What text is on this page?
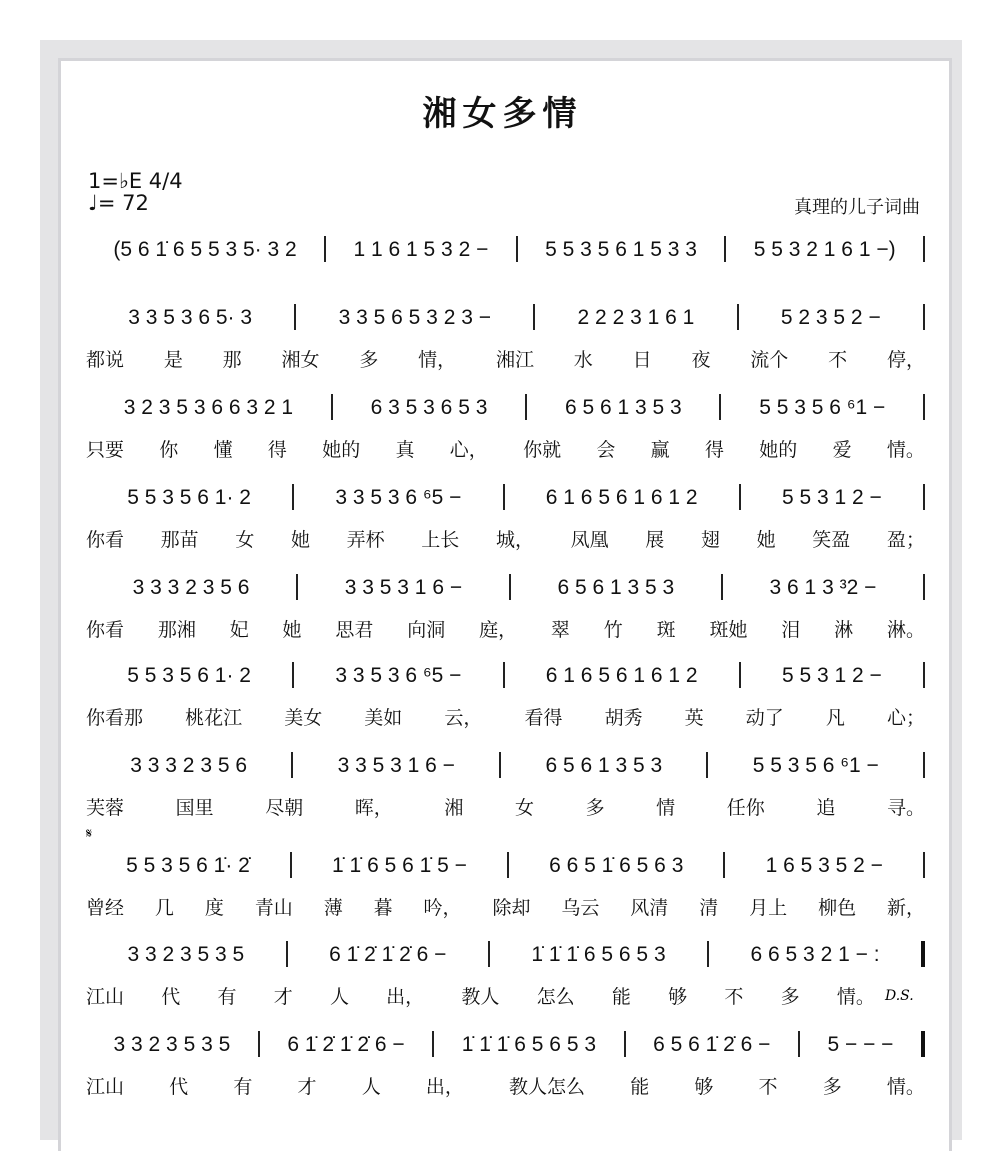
湘女多情
1=♭E 4/4
♩= 72	真理的儿子词曲
𝄋
D.S.
(5 6 1̇ 6 5 5 3 5· 3 2	1 1 6 1 5 3 2 −	5 5 3 5 6 1 5 3 3	5 5 3 2 1 6 1 −)
3 3 5 3 6 5· 3	3 3 5 6 5 3 2 3 −	2 2 2 3 1 6 1	5 2 3 5 2 −
都说 是 那 湘女 多 情， 湘江 水 日 夜 流个 不 停，
3 2 3 5 3 6 6 3 2 1	6 3 5 3 6 5 3	6 5 6 1 3 5 3	5 5 3 5 6 ⁶1 −
只要 你 懂 得 她的 真 心， 你就 会 赢 得 她的 爱 情。
5 5 3 5 6 1· 2	3 3 5 3 6 ⁶5 −	6 1 6 5 6 1 6 1 2	5 5 3 1 2 −
你看 那苗 女 她 弄杯 上长 城， 凤凰 展 翅 她 笑盈 盈；
3 3 3 2 3 5 6	3 3 5 3 1 6 −	6 5 6 1 3 5 3	3 6 1 3 ³2 −
你看 那湘 妃 她 思君 向洞 庭， 翠 竹 斑 斑她 泪 淋 淋。
5 5 3 5 6 1· 2	3 3 5 3 6 ⁶5 −	6 1 6 5 6 1 6 1 2	5 5 3 1 2 −
你看那 桃花江 美女 美如 云， 看得 胡秀 英 动了 凡 心；
3 3 3 2 3 5 6	3 3 5 3 1 6 −	6 5 6 1 3 5 3	5 5 3 5 6 ⁶1 −
芙蓉	国里	尽朝	晖，	湘	女	多	情	任你	追	寻。
5 5 3 5 6 1̇· 2̇	1̇ 1̇ 6 5 6 1̇ 5 −	6 6 5 1̇ 6 5 6 3	1 6 5 3 5 2 −
曾经 几 度 青山 薄 暮 吟， 除却 乌云 风清 清 月上 柳色 新，
3 3 2 3 5 3 5	6 1̇ 2̇ 1̇ 2̇ 6 −	1̇ 1̇ 1̇ 6 5 6 5 3	6 6 5 3 2 1 − :
江山 代 有 才 人 出， 教人 怎么 能 够 不 多 情。
3 3 2 3 5 3 5	6 1̇ 2̇ 1̇ 2̇ 6 −	1̇ 1̇ 1̇ 6 5 6 5 3	6 5 6 1̇ 2̇ 6 −	5 − − −
江山 代 有 才 人 出， 教人怎么 能 够 不 多 情。
